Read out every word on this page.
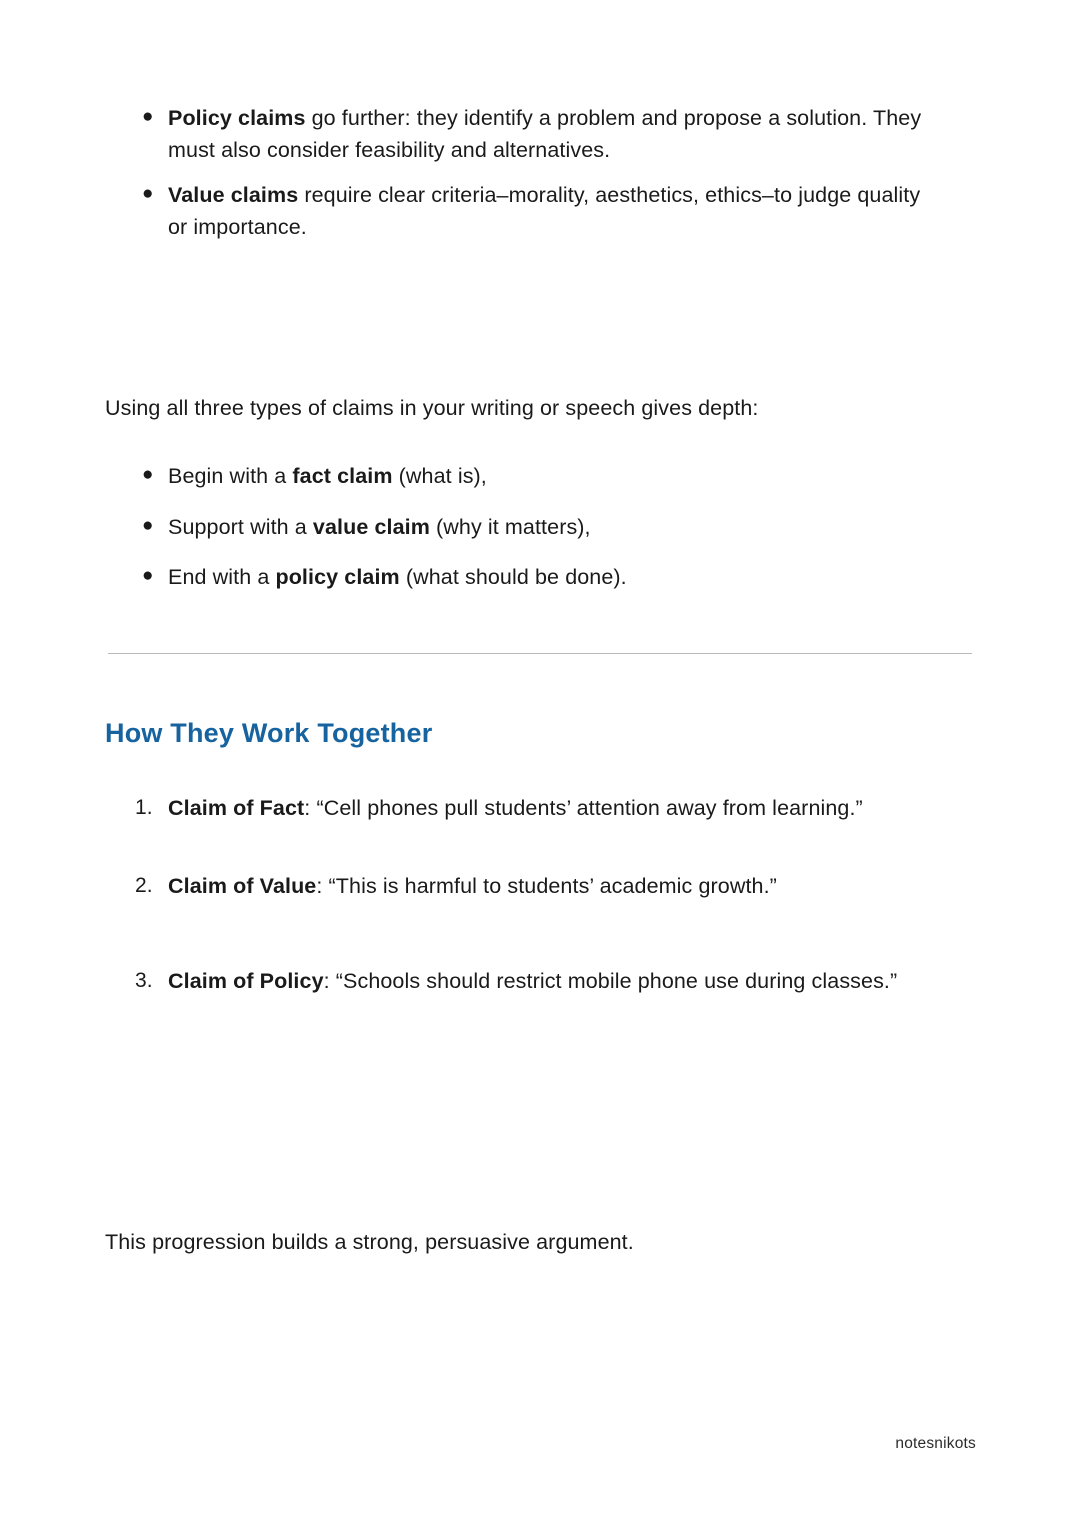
● Policy claims go further: they identify a problem and propose a solution. They must also consider feasibility and alternatives.
● Value claims require clear criteria–morality, aesthetics, ethics–to judge quality or importance.
Using all three types of claims in your writing or speech gives depth:
● Begin with a fact claim (what is),
● Support with a value claim (why it matters),
● End with a policy claim (what should be done).
How They Work Together
1. Claim of Fact: “Cell phones pull students’ attention away from learning.”
2. Claim of Value: “This is harmful to students’ academic growth.”
3. Claim of Policy: “Schools should restrict mobile phone use during classes.”
This progression builds a strong, persuasive argument.
notesnikots
